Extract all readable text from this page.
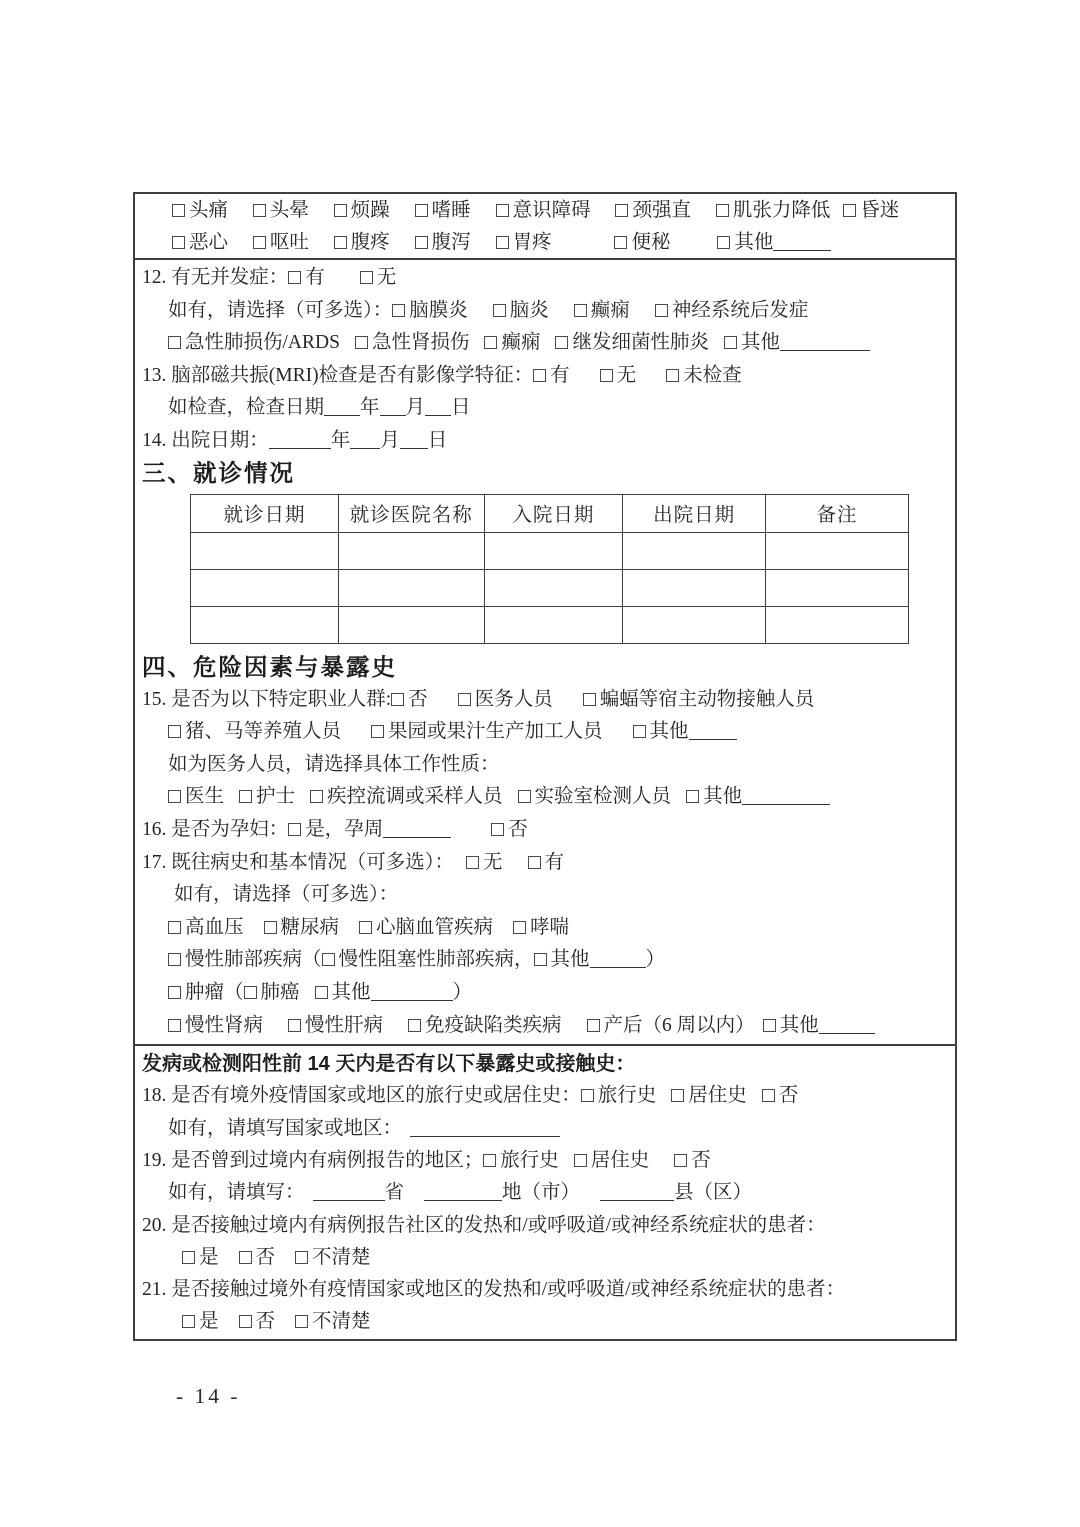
头痛 头晕 烦躁 嗜睡 意识障碍 颈强直 肌张力降低 昏迷
恶心 呕吐 腹疼 腹泻 胃疼	便秘	其他
12. 有无并发症： 有	无
如有，请选择（可多选）： 脑膜炎 脑炎 癫痫 神经系统后发症
急性肺损伤/ARDS 急性肾损伤 癫痫 继发细菌性肺炎 其他
13. 脑部磁共振(MRI)检查是否有影像学特征： 有 无 未检查
如检查，检查日期 年 月 日
14. 出院日期：	年 月 日
三、就诊情况
就诊日期	就诊医院名称	入院日期	出院日期	备注

四、危险因素与暴露史
15. 是否为以下特定职业人群: 否 医务人员 蝙蝠等宿主动物接触人员
猪、马等养殖人员 果园或果汁生产加工人员 其他
如为医务人员，请选择具体工作性质：
医生 护士 疾控流调或采样人员 实验室检测人员 其他
16. 是否为孕妇： 是，孕周	否
17. 既往病史和基本情况（可多选）： 无 有
如有，请选择（可多选）：
高血压 糖尿病 心脑血管疾病 哮喘
慢性肺部疾病（ 慢性阻塞性肺部疾病， 其他	）
肿瘤（ 肺癌 其他	）
慢性肾病 慢性肝病 免疫缺陷类疾病 产后（6 周以内） 其他
发病或检测阳性前 14 天内是否有以下暴露史或接触史：
18. 是否有境外疫情国家或地区的旅行史或居住史： 旅行史 居住史 否
如有，请填写国家或地区：
19. 是否曾到过境内有病例报告的地区； 旅行史 居住史 否
如有，请填写：	省	地（市）	县（区）
20. 是否接触过境内有病例报告社区的发热和/或呼吸道/或神经系统症状的患者：
是 否 不清楚
21. 是否接触过境外有疫情国家或地区的发热和/或呼吸道/或神经系统症状的患者：
是 否 不清楚
- 14 -
